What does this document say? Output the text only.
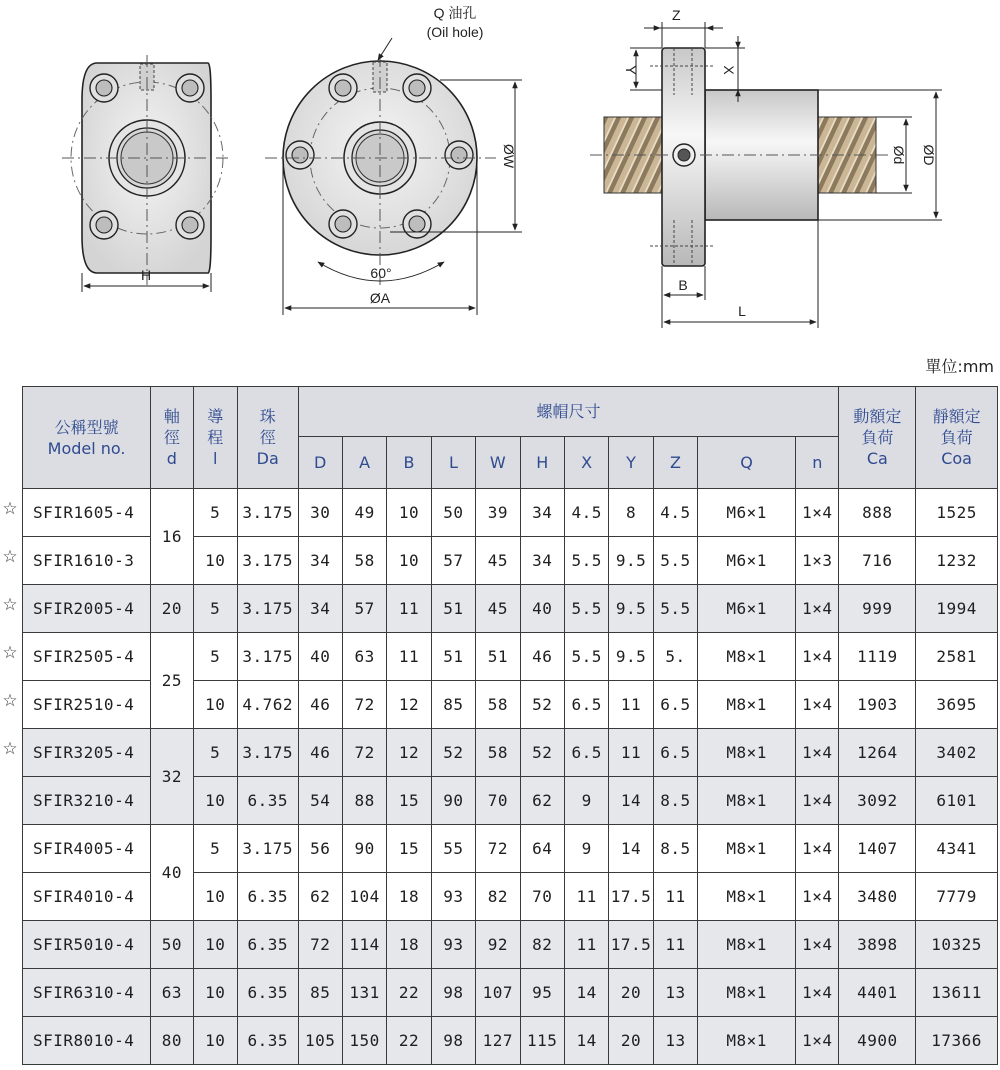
H
Q 油孔
(Oil hole)
ØW
60°
ØA
Z
Y	X
Ød ØD
B
L
單位:mm
☆
☆
☆
☆
☆
☆
公稱型號
Model no.	軸
徑
d	導
程
l	珠
徑
Da	螺帽尺寸											動額定
負荷
Ca	靜額定
負荷
Coa

				D	A	B	L	W	H	X	Y	Z	Q	n		
SFIR1605-4	16	5	3.175	30	49	10	50	39	34	4.5	8	4.5	M6×1	1×4	888	1525
SFIR1610-3		10	3.175	34	58	10	57	45	34	5.5	9.5	5.5	M6×1	1×3	716	1232
SFIR2005-4	20	5	3.175	34	57	11	51	45	40	5.5	9.5	5.5	M6×1	1×4	999	1994
SFIR2505-4	25	5	3.175	40	63	11	51	51	46	5.5	9.5	5.	M8×1	1×4	1119	2581
SFIR2510-4		10	4.762	46	72	12	85	58	52	6.5	11	6.5	M8×1	1×4	1903	3695
SFIR3205-4	32	5	3.175	46	72	12	52	58	52	6.5	11	6.5	M8×1	1×4	1264	3402
SFIR3210-4		10	6.35	54	88	15	90	70	62	9	14	8.5	M8×1	1×4	3092	6101
SFIR4005-4	40	5	3.175	56	90	15	55	72	64	9	14	8.5	M8×1	1×4	1407	4341
SFIR4010-4		10	6.35	62	104	18	93	82	70	11	17.5	11	M8×1	1×4	3480	7779
SFIR5010-4	50	10	6.35	72	114	18	93	92	82	11	17.5	11	M8×1	1×4	3898	10325
SFIR6310-4	63	10	6.35	85	131	22	98	107	95	14	20	13	M8×1	1×4	4401	13611
SFIR8010-4	80	10	6.35	105	150	22	98	127	115	14	20	13	M8×1	1×4	4900	17366
